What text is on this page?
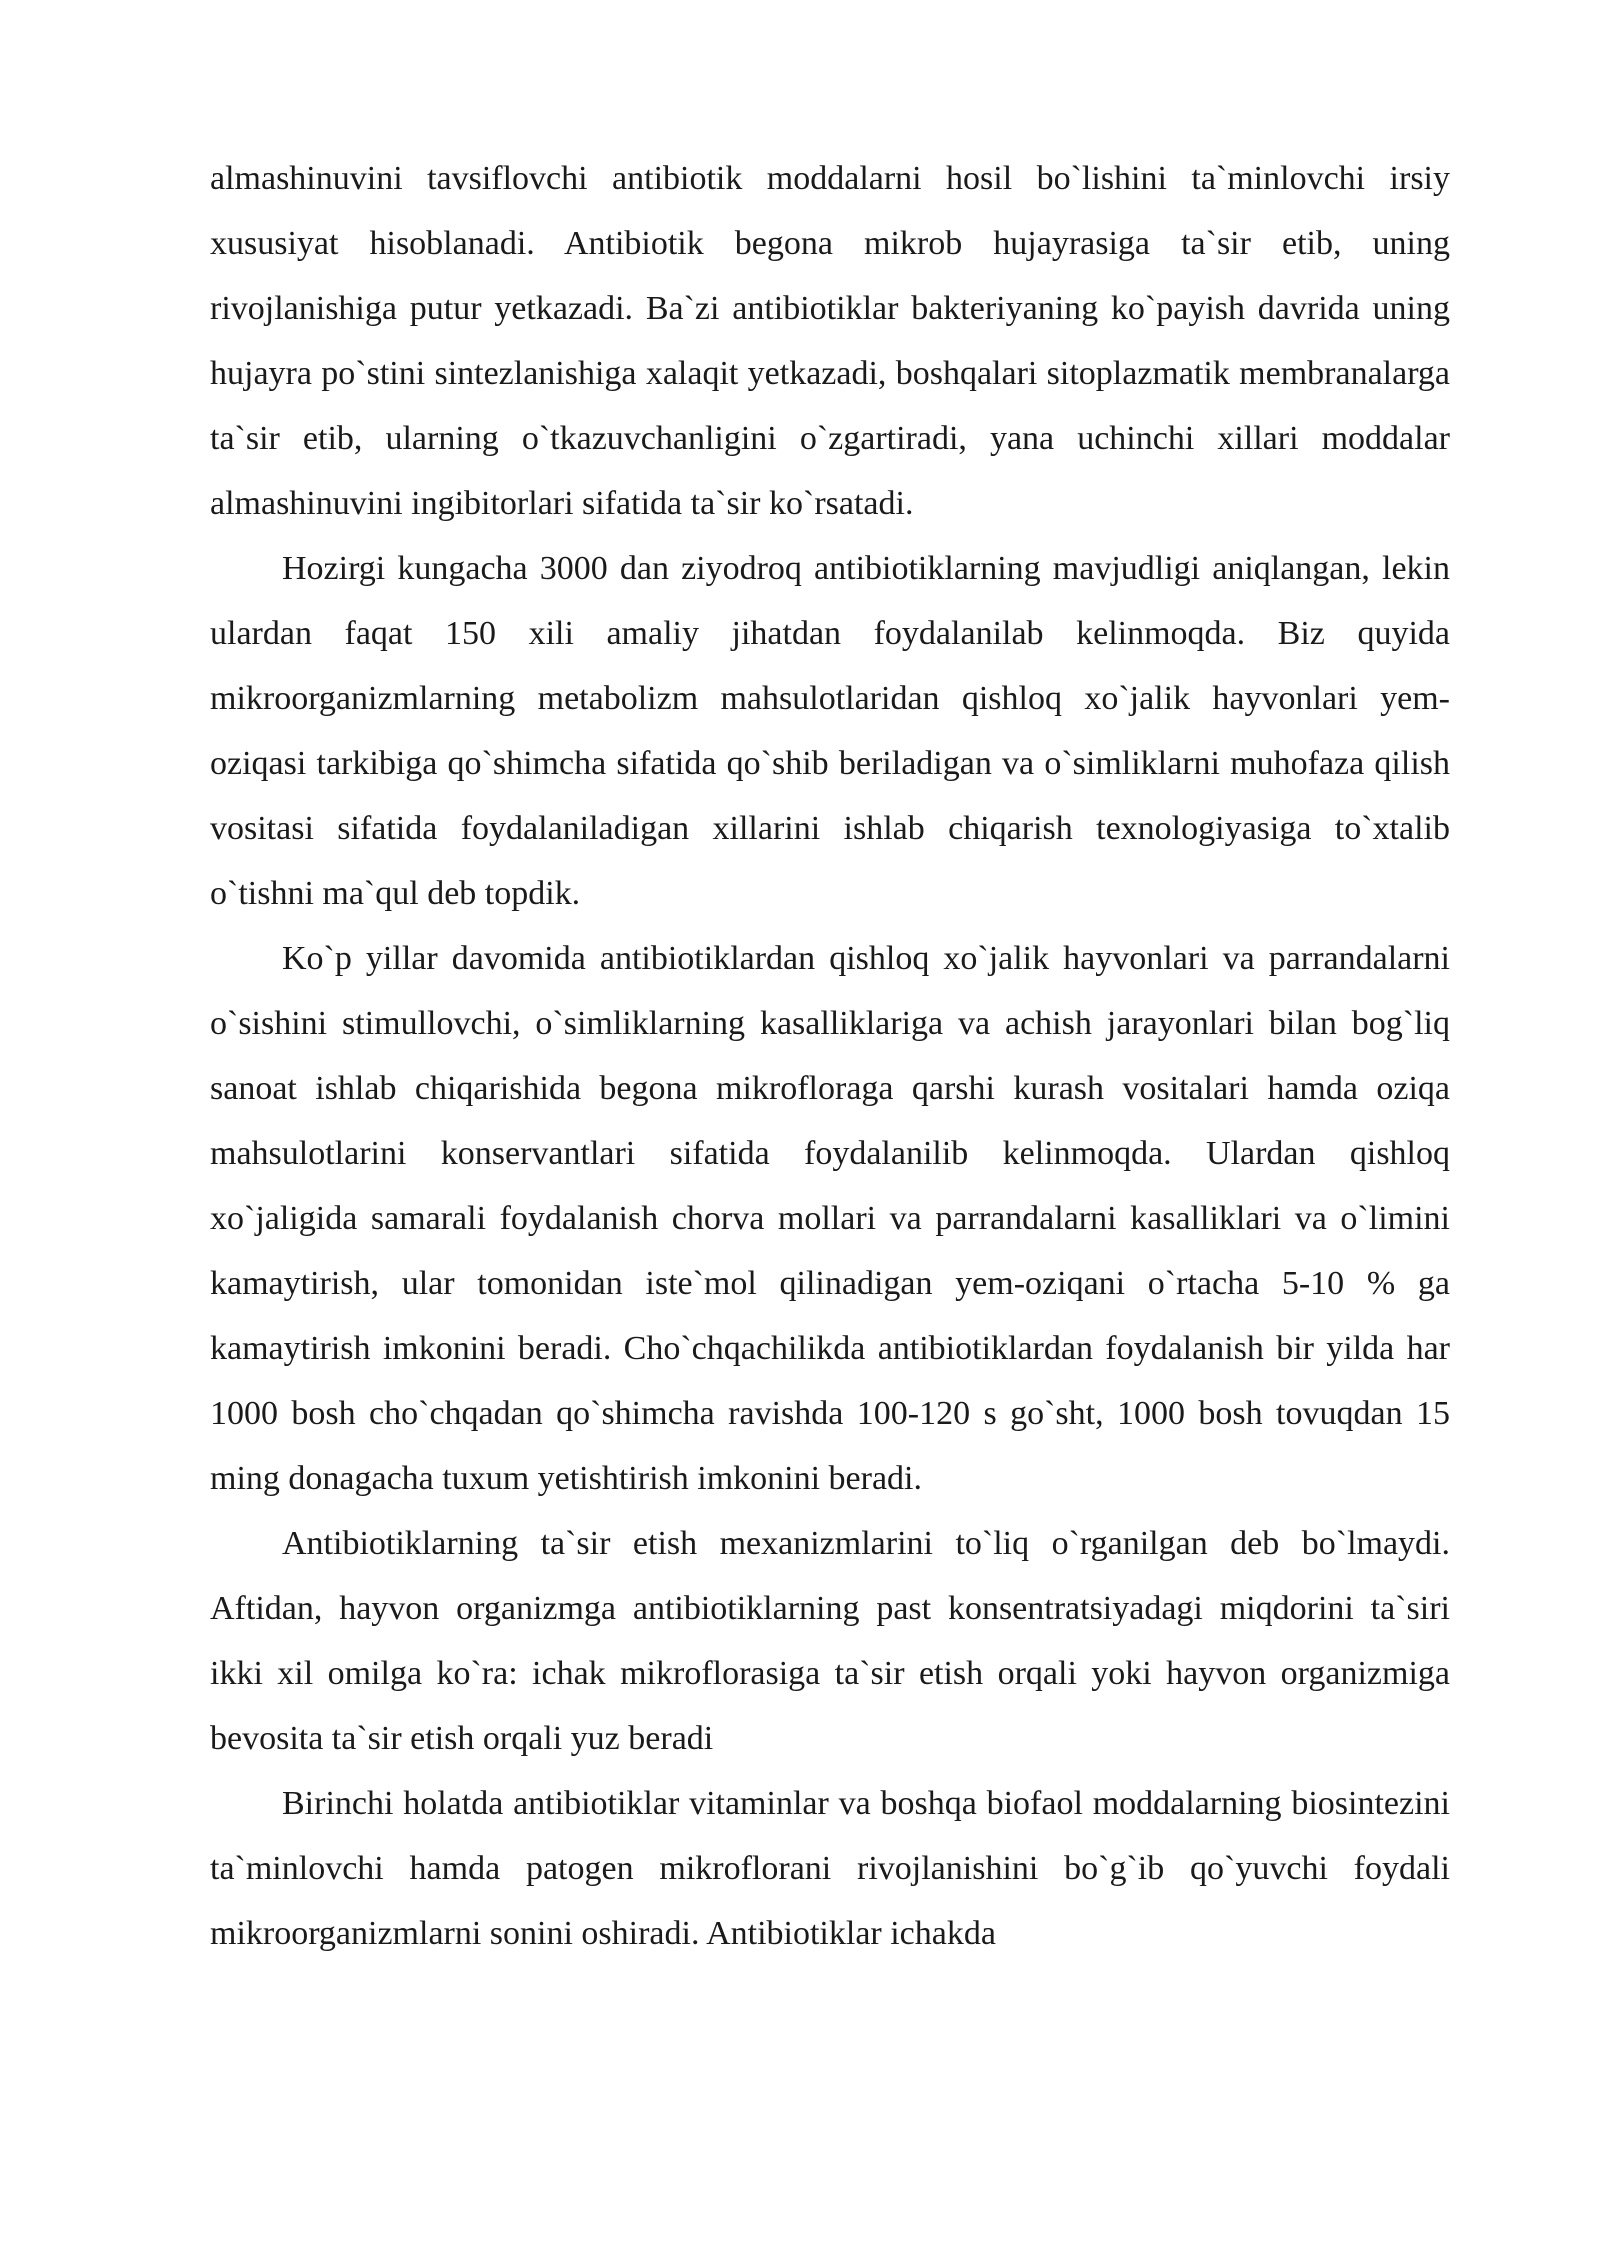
almashinuvini tavsiflovchi antibiotik moddalarni hosil bo`lishini ta`minlovchi irsiy xususiyat hisoblanadi. Antibiotik begona mikrob hujayrasiga ta`sir etib, uning rivojlanishiga putur yetkazadi. Ba`zi antibiotiklar bakteriyaning ko`payish davrida uning hujayra po`stini sintezlanishiga xalaqit yetkazadi, boshqalari sitoplazmatik membranalarga ta`sir etib, ularning o`tkazuvchanligini o`zgartiradi, yana uchinchi xillari moddalar almashinuvini ingibitorlari sifatida ta`sir ko`rsatadi.

Hozirgi kungacha 3000 dan ziyodroq antibiotiklarning mavjudligi aniqlangan, lekin ulardan faqat 150 xili amaliy jihatdan foydalanilab kelinmoqda. Biz quyida mikroorganizmlarning metabolizm mahsulotlaridan qishloq xo`jalik hayvonlari yem-oziqasi tarkibiga qo`shimcha sifatida qo`shib beriladigan va o`simliklarni muhofaza qilish vositasi sifatida foydalaniladigan xillarini ishlab chiqarish texnologiyasiga to`xtalib o`tishni ma`qul deb topdik.

Ko`p yillar davomida antibiotiklardan qishloq xo`jalik hayvonlari va parrandalarni o`sishini stimullovchi, o`simliklarning kasalliklariga va achish jarayonlari bilan bog`liq sanoat ishlab chiqarishida begona mikrofloraga qarshi kurash vositalari hamda oziqa mahsulotlarini konservantlari sifatida foydalanilib kelinmoqda. Ulardan qishloq xo`jaligida samarali foydalanish chorva mollari va parrandalarni kasalliklari va o`limini kamaytirish, ular tomonidan iste`mol qilinadigan yem-oziqani o`rtacha 5-10 % ga kamaytirish imkonini beradi. Cho`chqachilikda antibiotiklardan foydalanish bir yilda har 1000 bosh cho`chqadan qo`shimcha ravishda 100-120 s go`sht, 1000 bosh tovuqdan 15 ming donagacha tuxum yetishtirish imkonini beradi.

Antibiotiklarning ta`sir etish mexanizmlarini to`liq o`rganilgan deb bo`lmaydi. Aftidan, hayvon organizmga antibiotiklarning past konsentratsiyadagi miqdorini ta`siri ikki xil omilga ko`ra: ichak mikroflorasiga ta`sir etish orqali yoki hayvon organizmiga bevosita ta`sir etish orqali yuz beradi

Birinchi holatda antibiotiklar vitaminlar va boshqa biofaol moddalarning biosintezini ta`minlovchi hamda patogen mikroflorani rivojlanishini bo`g`ib qo`yuvchi foydali mikroorganizmlarni sonini oshiradi. Antibiotiklar ichakda
